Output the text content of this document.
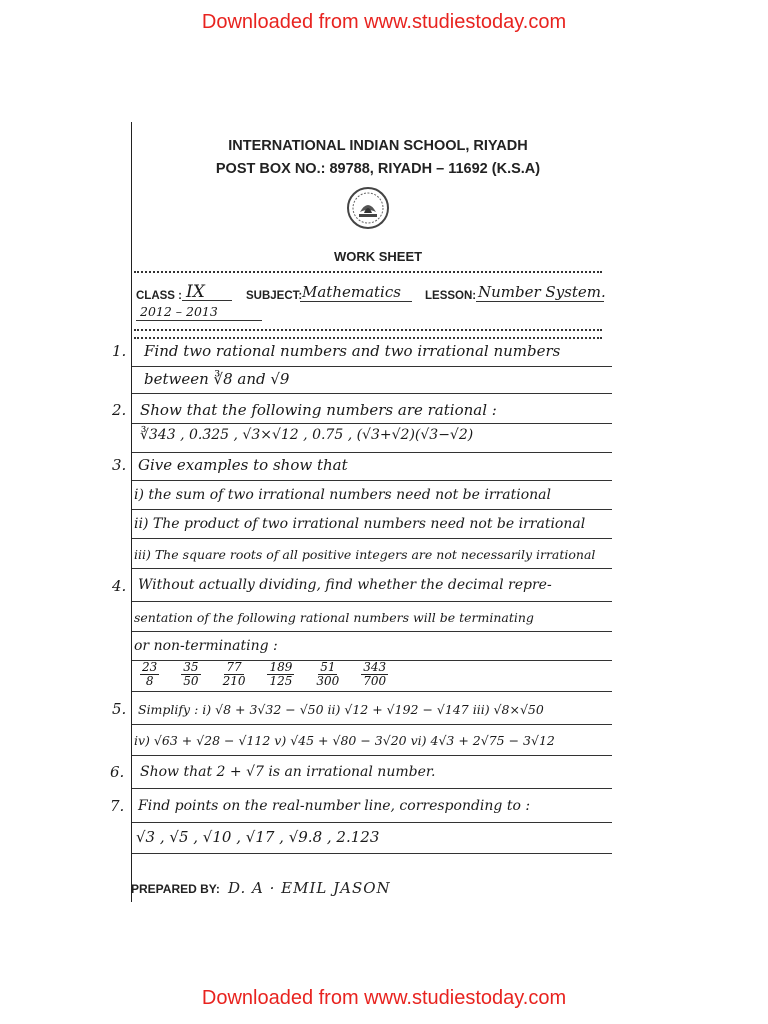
Downloaded from www.studiestoday.com
INTERNATIONAL INDIAN SCHOOL, RIYADH
POST BOX NO.: 89788, RIYADH – 11692 (K.S.A)
WORK SHEET
CLASS : IX	SUBJECT: Mathematics LESSON: Number System.
2012 – 2013
1. Find two rational numbers and two irrational numbers
between ∛8 and √9
2. Show that the following numbers are rational :
∛343 , 0.3̄25 , √3×√12 , 0.75 , (√3+√2)(√3−√2)
3. Give examples to show that
i) the sum of two irrational numbers need not be irrational
ii) The product of two irrational numbers need not be irrational
iii) The square roots of all positive integers are not necessarily irrational
4. Without actually dividing, find whether the decimal repre-
sentation of the following rational numbers will be terminating
or non-terminating :
$\frac{23}{8} \frac{35}{50} \frac{77}{210} \frac{189}{125} \frac{51}{300} \frac{343}{700}$
5. Simplify : i) √8 + 3√32 − √50 ii) √12 + √192 − √147 iii) √8×√50
iv) √63 + √28 − √112 v) √45 + √80 − 3√20 vi) 4√3 + 2√75 − 3√12
6. Show that 2 + √7 is an irrational number.
7. Find points on the real-number line, corresponding to :
√3 , √5 , √10 , √17 , √9.8 , 2.123
PREPARED BY: D. A · EMIL JASON
Downloaded from www.studiestoday.com
